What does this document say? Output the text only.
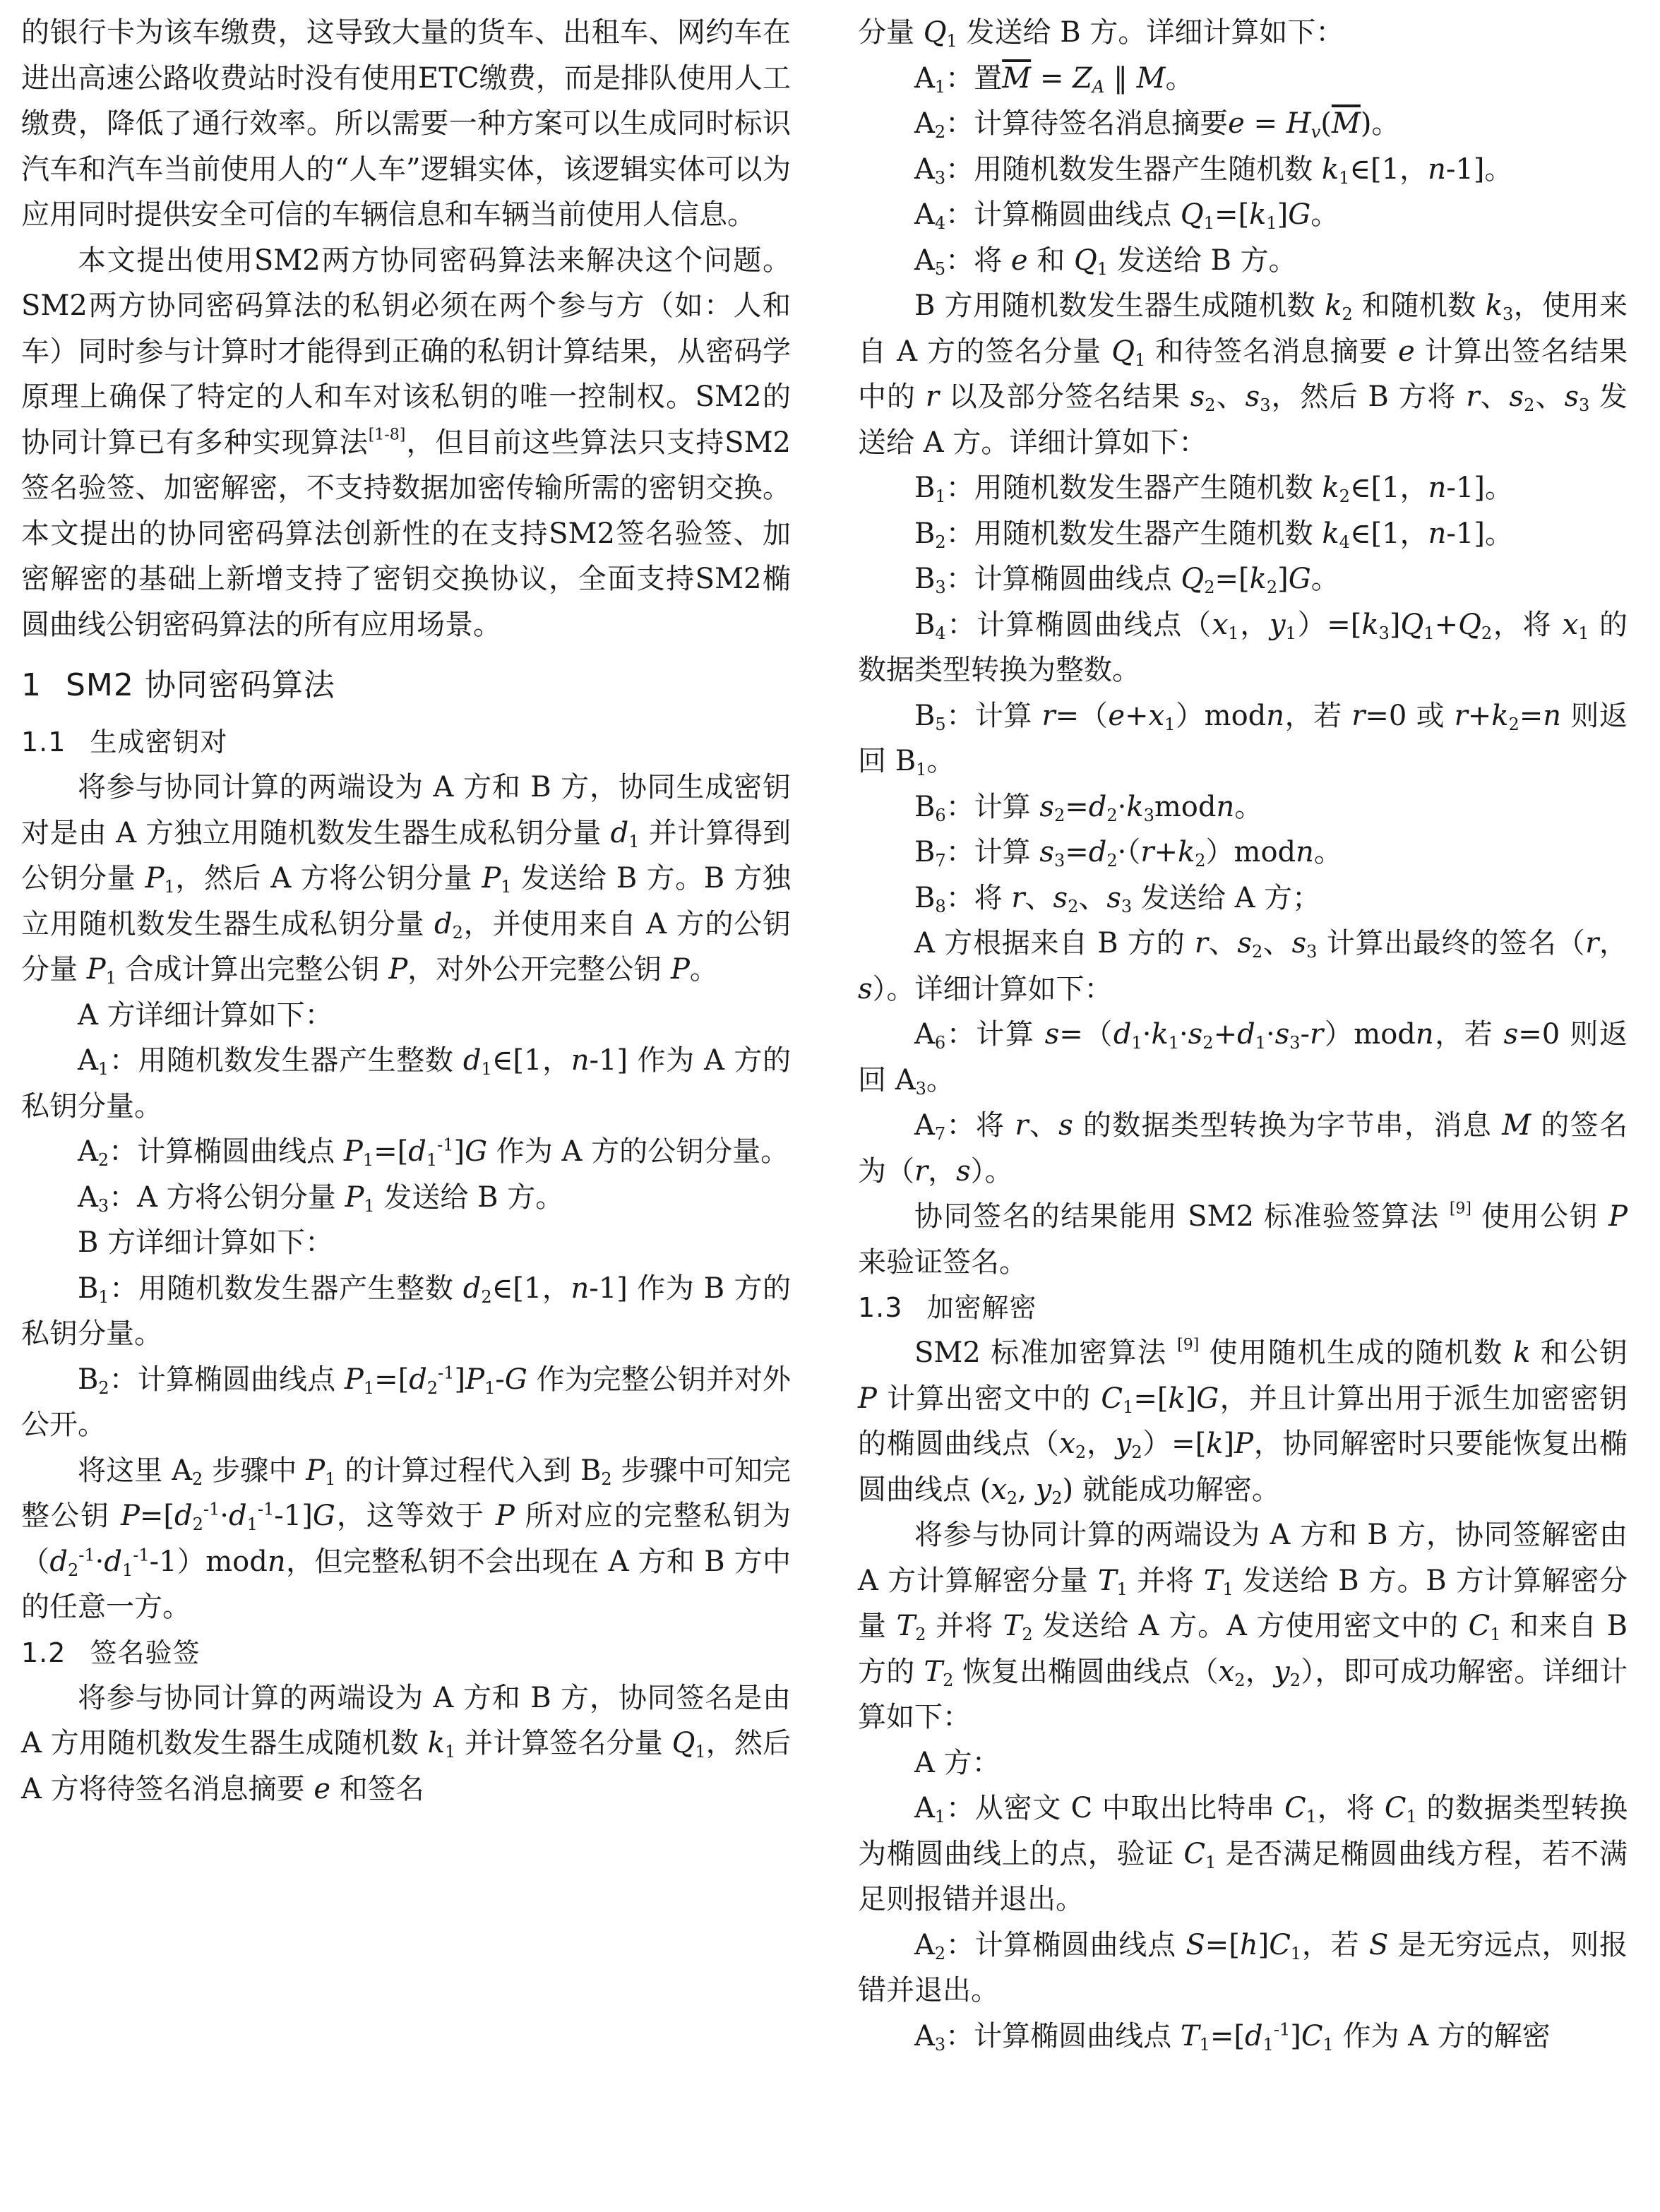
的银行卡为该车缴费，这导致大量的货车、出租车、网约车在进出高速公路收费站时没有使用ETC缴费，而是排队使用人工缴费，降低了通行效率。所以需要一种方案可以生成同时标识汽车和汽车当前使用人的“人车”逻辑实体，该逻辑实体可以为应用同时提供安全可信的车辆信息和车辆当前使用人信息。

本文提出使用SM2两方协同密码算法来解决这个问题。SM2两方协同密码算法的私钥必须在两个参与方（如：人和车）同时参与计算时才能得到正确的私钥计算结果，从密码学原理上确保了特定的人和车对该私钥的唯一控制权。SM2的协同计算已有多种实现算法[1-8]，但目前这些算法只支持SM2签名验签、加密解密，不支持数据加密传输所需的密钥交换。本文提出的协同密码算法创新性的在支持SM2签名验签、加密解密的基础上新增支持了密钥交换协议，全面支持SM2椭圆曲线公钥密码算法的所有应用场景。

1 SM2 协同密码算法
1.1 生成密钥对

将参与协同计算的两端设为 A 方和 B 方，协同生成密钥对是由 A 方独立用随机数发生器生成私钥分量 $d_1$ 并计算得到公钥分量 $P_1$，然后 A 方将公钥分量 $P_1$ 发送给 B 方。B 方独立用随机数发生器生成私钥分量 $d_2$，并使用来自 A 方的公钥分量 $P_1$ 合成计算出完整公钥 P，对外公开完整公钥 P。

A 方详细计算如下：

$A_1$：用随机数发生器产生整数 $d_1\in[1$，n-1] 作为 A 方的私钥分量。

$A_2$：计算椭圆曲线点 $P_1=[d_1^{-1}]G$ 作为 A 方的公钥分量。

$A_3$：A 方将公钥分量 $P_1$ 发送给 B 方。

B 方详细计算如下：

$B_1$：用随机数发生器产生整数 $d_2\in[1$，n-1] 作为 B 方的私钥分量。

$B_2$：计算椭圆曲线点 $P_1=[d_2^{-1}]P_1-G$ 作为完整公钥并对外公开。

将这里 $A_2$ 步骤中 $P_1$ 的计算过程代入到 $B_2$ 步骤中可知完整公钥 $P=[d_2^{-1}\cdot d_1^{-1}-1]G$，这等效于 P 所对应的完整私钥为$(d_2^{-1}\cdot d_1^{-1}-1)modn$，但完整私钥不会出现在 A 方和 B 方中的任意一方。

1.2 签名验签

将参与协同计算的两端设为 A 方和 B 方，协同签名是由 A 方用随机数发生器生成随机数 $k_1$ 并计算签名分量 $Q_1$，然后 A 方将待签名消息摘要 e 和签名

分量 $Q_1$ 发送给 B 方。详细计算如下：

$A_1$：置$\overline{M} = Z_A$ ‖ M。

$A_2$：计算待签名消息摘要$e = H_v(\overline{M})$。

$A_3$：用随机数发生器产生随机数 $k_1\in[1$，n-1]。

$A_4$：计算椭圆曲线点 $Q_1=[k_1]G$。

$A_5$：将 e 和 $Q_1$ 发送给 B 方。

B 方用随机数发生器生成随机数 $k_2$ 和随机数 $k_3$，使用来自 A 方的签名分量 $Q_1$ 和待签名消息摘要 e 计算出签名结果中的 r 以及部分签名结果 $s_2$、$s_3$，然后 B 方将 r、$s_2$、$s_3$ 发送给 A 方。详细计算如下：

$B_1$：用随机数发生器产生随机数 $k_2\in[1$，n-1]。

$B_2$：用随机数发生器产生随机数 $k_4\in[1$，n-1]。

$B_3$：计算椭圆曲线点 $Q_2=[k_2]G$。

$B_4$：计算椭圆曲线点（$x_1$，$y_1)=[k_3]Q_1+Q_2$，将 $x_1$ 的数据类型转换为整数。

$B_5$：计算 $r=(e+x_1)modn$，若 r=0 或 $r+k_2=n$ 则返回 $B_1$。

$B_6$：计算 $s_2=d_2\cdot k_3modn$。

$B_7$：计算 $s_3=d_2\cdot(r+k_2)modn$。

$B_8$：将 r、$s_2$、$s_3$ 发送给 A 方；

A 方根据来自 B 方的 r、$s_2$、$s_3$ 计算出最终的签名（r，s）。详细计算如下：

$A_6$：计算 $s=(d_1\cdot k_1\cdot s_2+d_1\cdot s_3-r)modn$，若 s=0 则返回 $A_3$。

$A_7$：将 r、s 的数据类型转换为字节串，消息 M 的签名为（r，s）。

协同签名的结果能用 SM2 标准验签算法 [9] 使用公钥 P 来验证签名。

1.3 加密解密

SM2 标准加密算法 [9] 使用随机生成的随机数 k 和公钥 P 计算出密文中的 $C_1=[k]G$，并且计算出用于派生加密密钥的椭圆曲线点（$x_2$，$y_2)=[k]P$，协同解密时只要能恢复出椭圆曲线点 ($x_2$, $y_2$) 就能成功解密。

将参与协同计算的两端设为 A 方和 B 方，协同签解密由 A 方计算解密分量 $T_1$ 并将 $T_1$ 发送给 B 方。B 方计算解密分量 $T_2$ 并将 $T_2$ 发送给 A 方。A 方使用密文中的 $C_1$ 和来自 B 方的 $T_2$ 恢复出椭圆曲线点（$x_2$，$y_2$），即可成功解密。详细计算如下：

A 方：

$A_1$：从密文 C 中取出比特串 $C_1$，将 $C_1$ 的数据类型转换为椭圆曲线上的点，验证 $C_1$ 是否满足椭圆曲线方程，若不满足则报错并退出。

$A_2$：计算椭圆曲线点 $S=[h]C_1$，若 S 是无穷远点，则报错并退出。

$A_3$：计算椭圆曲线点 $T_1=[d_1^{-1}]C_1$ 作为 A 方的解密
